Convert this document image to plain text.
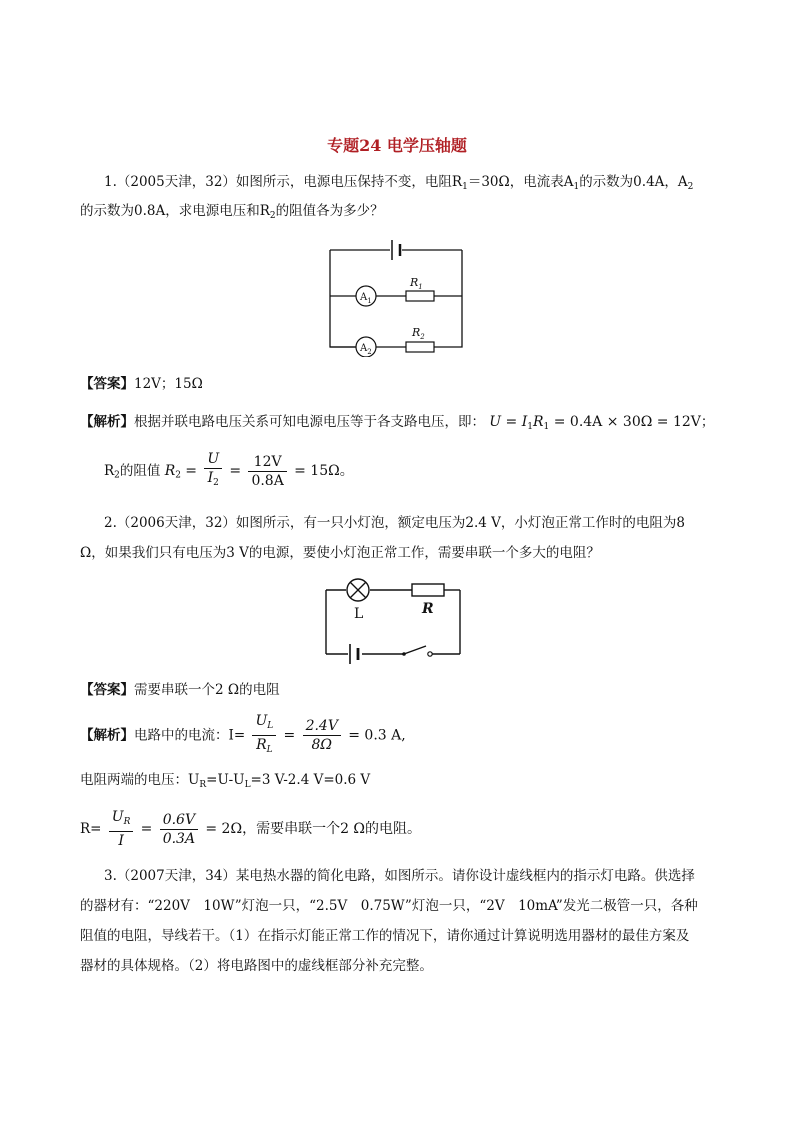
专题24 电学压轴题
1.（2005天津，32）如图所示，电源电压保持不变，电阻$R_1=30\Omega$，电流表$A_1$的示数为0.4A，$A_2$
的示数为0.8A，求电源电压和$R_2$的阻值各为多少？
$A_1$
$R_1$
$A_2$
$R_2$
【答案】12V；15Ω
【解析】根据并联电路电压关系可知电源电压等于各支路电压，即： $U = I_1R_1 = 0.4A \times 30\Omega = 12V$；
$R_2$的阻值 $R_2 = \frac{U}{I_2} = \frac{12V}{0.8A} = 15\Omega$。
2.（2006天津，32）如图所示，有一只小灯泡，额定电压为2.4 V，小灯泡正常工作时的电阻为8
Ω，如果我们只有电压为3 V的电源，要使小灯泡正常工作，需要串联一个多大的电阻？
L	R
【答案】需要串联一个2 Ω的电阻
【解析】电路中的电流：$I= \frac{U_L}{R_L} = \frac{2.4V}{8\Omega} = 0.3$ A,
电阻两端的电压：$U_R=U-U_L=3$ V-2.4 V=0.6 V
$R= \frac{U_R}{I} = \frac{0.6V}{0.3A} = 2\Omega$，需要串联一个2 Ω的电阻。
3.（2007天津，34）某电热水器的简化电路，如图所示。请你设计虚线框内的指示灯电路。供选择
的器材有：“220V　10W”灯泡一只，“2.5V　0.75W”灯泡一只，“2V　10mA”发光二极管一只，各种
阻值的电阻，导线若干。（1）在指示灯能正常工作的情况下，请你通过计算说明选用器材的最佳方案及
器材的具体规格。（2）将电路图中的虚线框部分补充完整。
